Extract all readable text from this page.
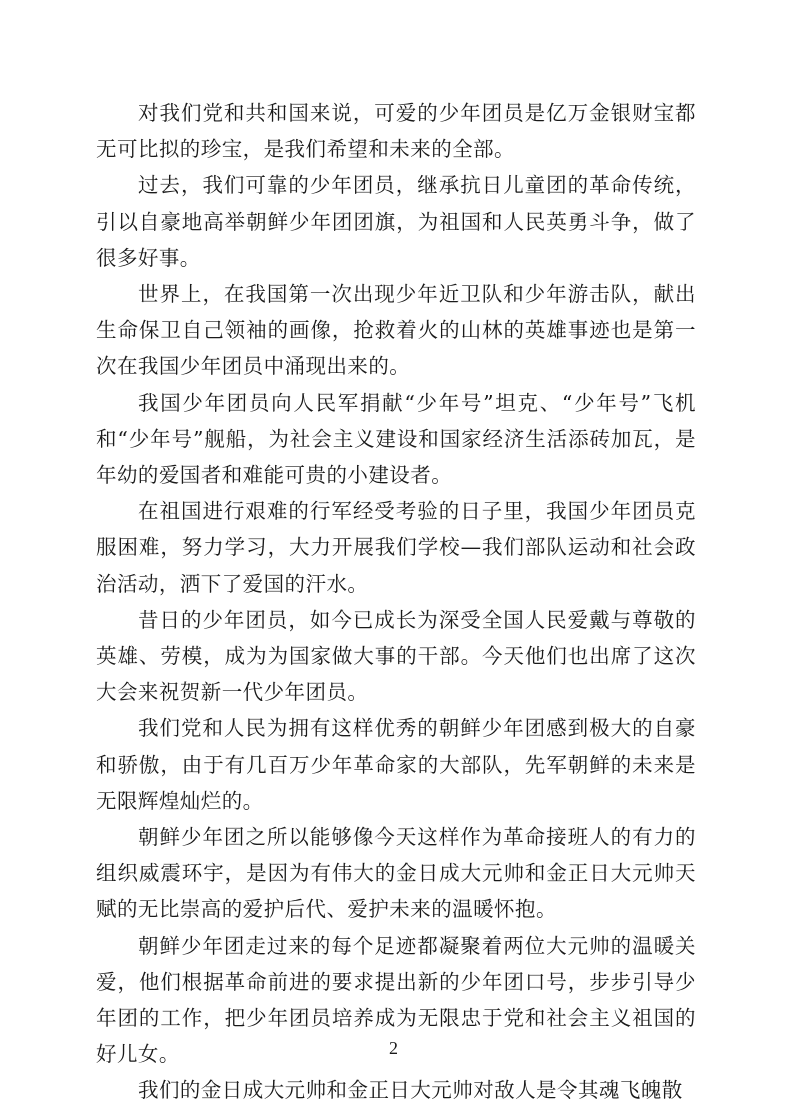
对我们党和共和国来说，可爱的少年团员是亿万金银财宝都无可比拟的珍宝，是我们希望和未来的全部。

过去，我们可靠的少年团员，继承抗日儿童团的革命传统，引以自豪地高举朝鲜少年团团旗，为祖国和人民英勇斗争，做了很多好事。

世界上，在我国第一次出现少年近卫队和少年游击队，献出生命保卫自己领袖的画像，抢救着火的山林的英雄事迹也是第一次在我国少年团员中涌现出来的。

我国少年团员向人民军捐献“少年号”坦克、“少年号”飞机和“少年号”舰船，为社会主义建设和国家经济生活添砖加瓦，是年幼的爱国者和难能可贵的小建设者。

在祖国进行艰难的行军经受考验的日子里，我国少年团员克服困难，努力学习，大力开展我们学校—我们部队运动和社会政治活动，洒下了爱国的汗水。

昔日的少年团员，如今已成长为深受全国人民爱戴与尊敬的英雄、劳模，成为为国家做大事的干部。今天他们也出席了这次大会来祝贺新一代少年团员。

我们党和人民为拥有这样优秀的朝鲜少年团感到极大的自豪和骄傲，由于有几百万少年革命家的大部队，先军朝鲜的未来是无限辉煌灿烂的。

朝鲜少年团之所以能够像今天这样作为革命接班人的有力的组织威震环宇，是因为有伟大的金日成大元帅和金正日大元帅天赋的无比崇高的爱护后代、爱护未来的温暖怀抱。

朝鲜少年团走过来的每个足迹都凝聚着两位大元帅的温暖关爱，他们根据革命前进的要求提出新的少年团口号，步步引导少年团的工作，把少年团员培养成为无限忠于党和社会主义祖国的好儿女。

我们的金日成大元帅和金正日大元帅对敌人是令其魂飞魄散

2
